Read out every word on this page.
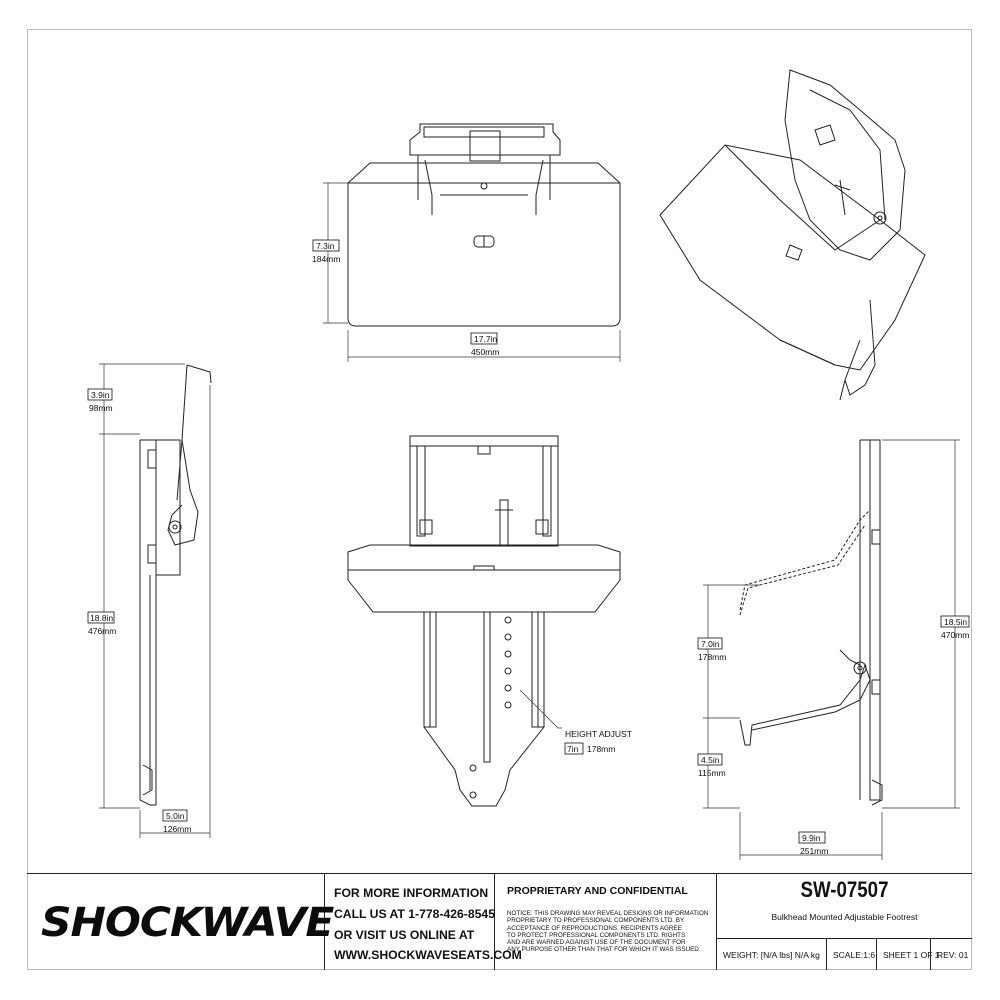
7.3in
184mm
17.7in
450mm
3.9in
98mm
18.8in
476mm
5.0in
126mm
HEIGHT ADJUST
7in 178mm
7.0in
178mm
4.5in
115mm
18.5in
470mm
9.9in
251mm
SHOCKWAVE
FOR MORE INFORMATION
CALL US AT 1-778-426-8545
OR VISIT US ONLINE AT
WWW.SHOCKWAVESEATS.COM
PROPRIETARY AND CONFIDENTIAL
NOTICE: THIS DRAWING MAY REVEAL DESIGNS OR INFORMATION
PROPRIETARY TO PROFESSIONAL COMPONENTS LTD. BY
ACCEPTANCE OF REPRODUCTIONS, RECIPIENTS AGREE
TO PROTECT PROFESSIONAL COMPONENTS LTD. RIGHTS
AND ARE WARNED AGAINST USE OF THE DOCUMENT FOR
ANY PURPOSE OTHER THAN THAT FOR WHICH IT WAS ISSUED.
SW-07507
Bulkhead Mounted Adjustable Footrest
WEIGHT: [N/A lbs] N/A kg	SCALE:1:6 SHEET 1 OF 1
REV: 01
